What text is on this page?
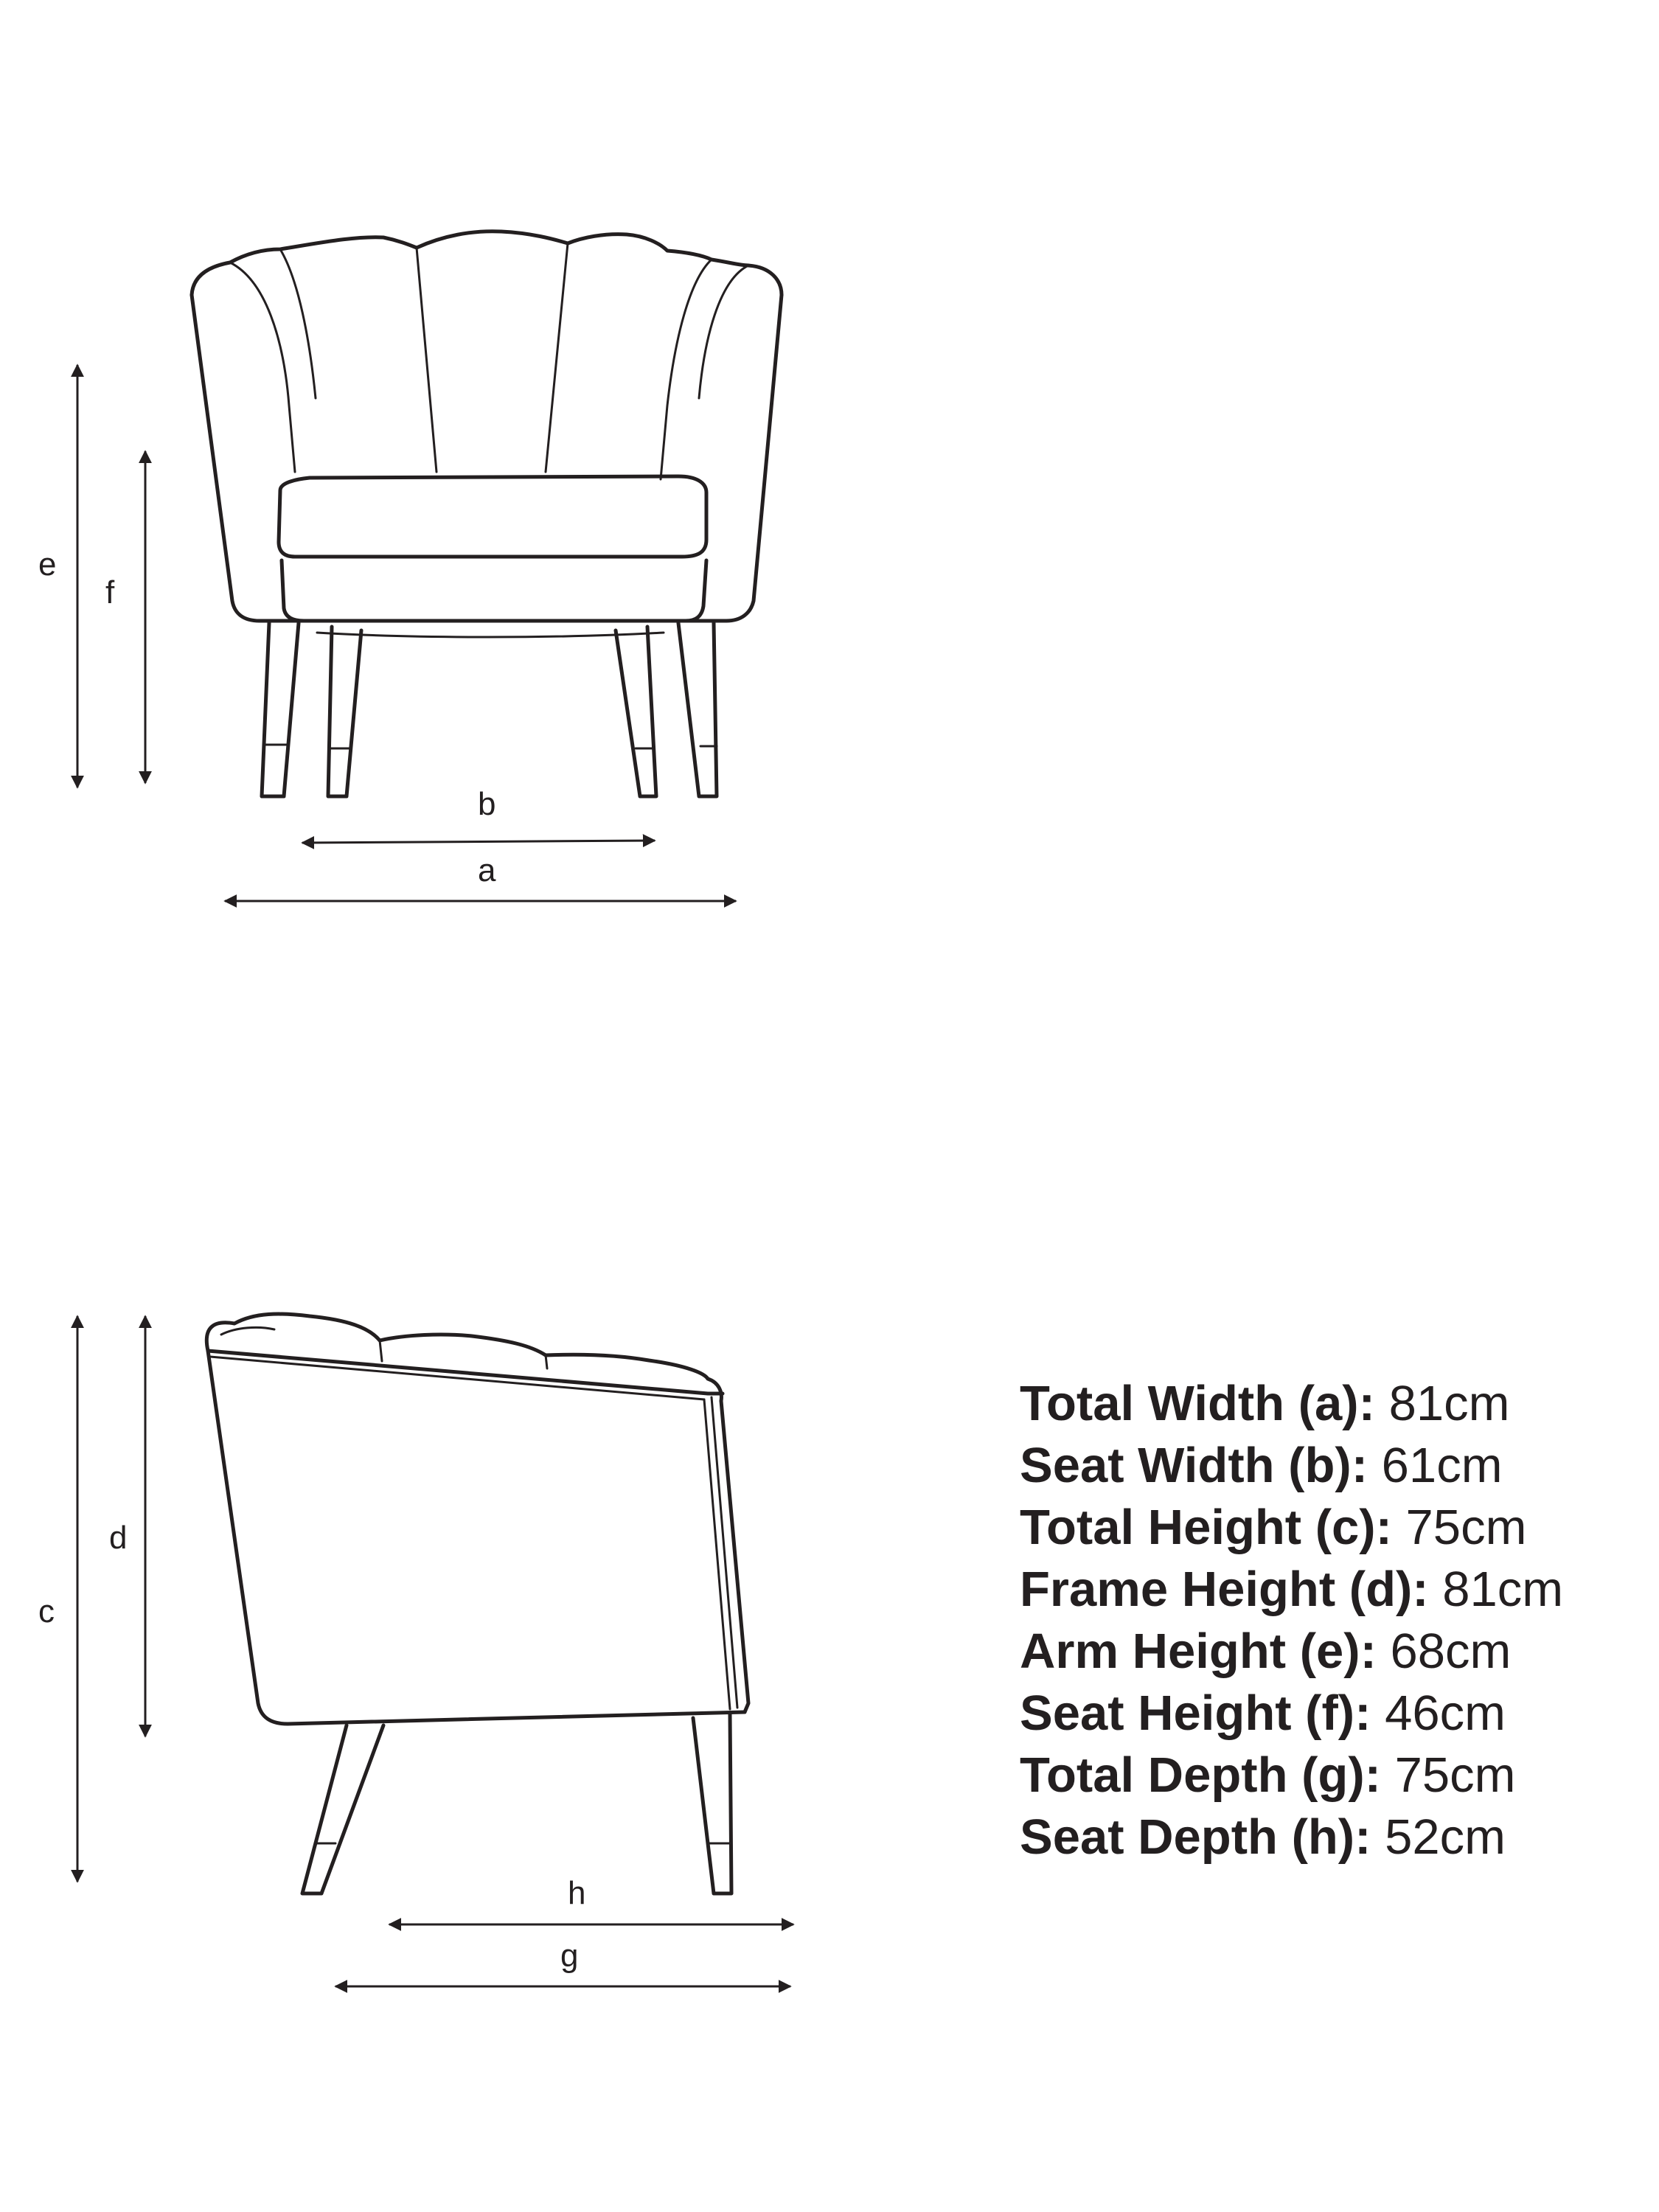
e
f
b
a
c
d
h
g
Total Width (a): 81cm
Seat Width (b): 61cm
Total Height (c): 75cm
Frame Height (d): 81cm
Arm Height (e): 68cm
Seat Height (f): 46cm
Total Depth (g): 75cm
Seat Depth (h): 52cm
